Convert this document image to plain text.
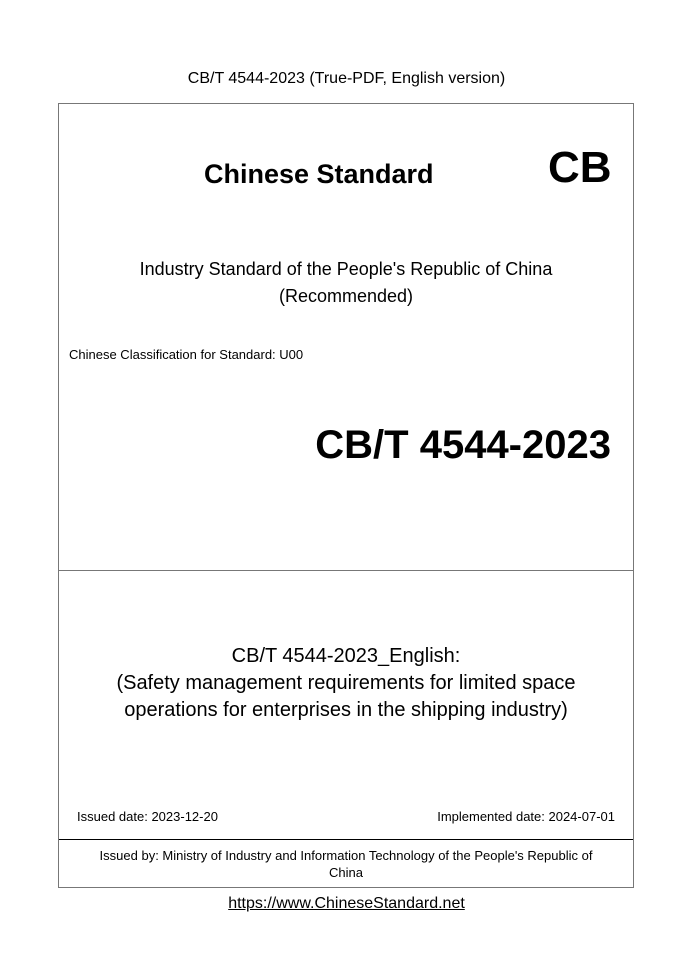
CB/T 4544-2023 (True-PDF, English version)
Chinese Standard	CB
Industry Standard of the People's Republic of China
(Recommended)
Chinese Classification for Standard: U00
CB/T 4544-2023
CB/T 4544-2023_English:
(Safety management requirements for limited space
operations for enterprises in the shipping industry)
Issued date: 2023-12-20	Implemented date: 2024-07-01
Issued by: Ministry of Industry and Information Technology of the People's Republic of
China
https://www.ChineseStandard.net
